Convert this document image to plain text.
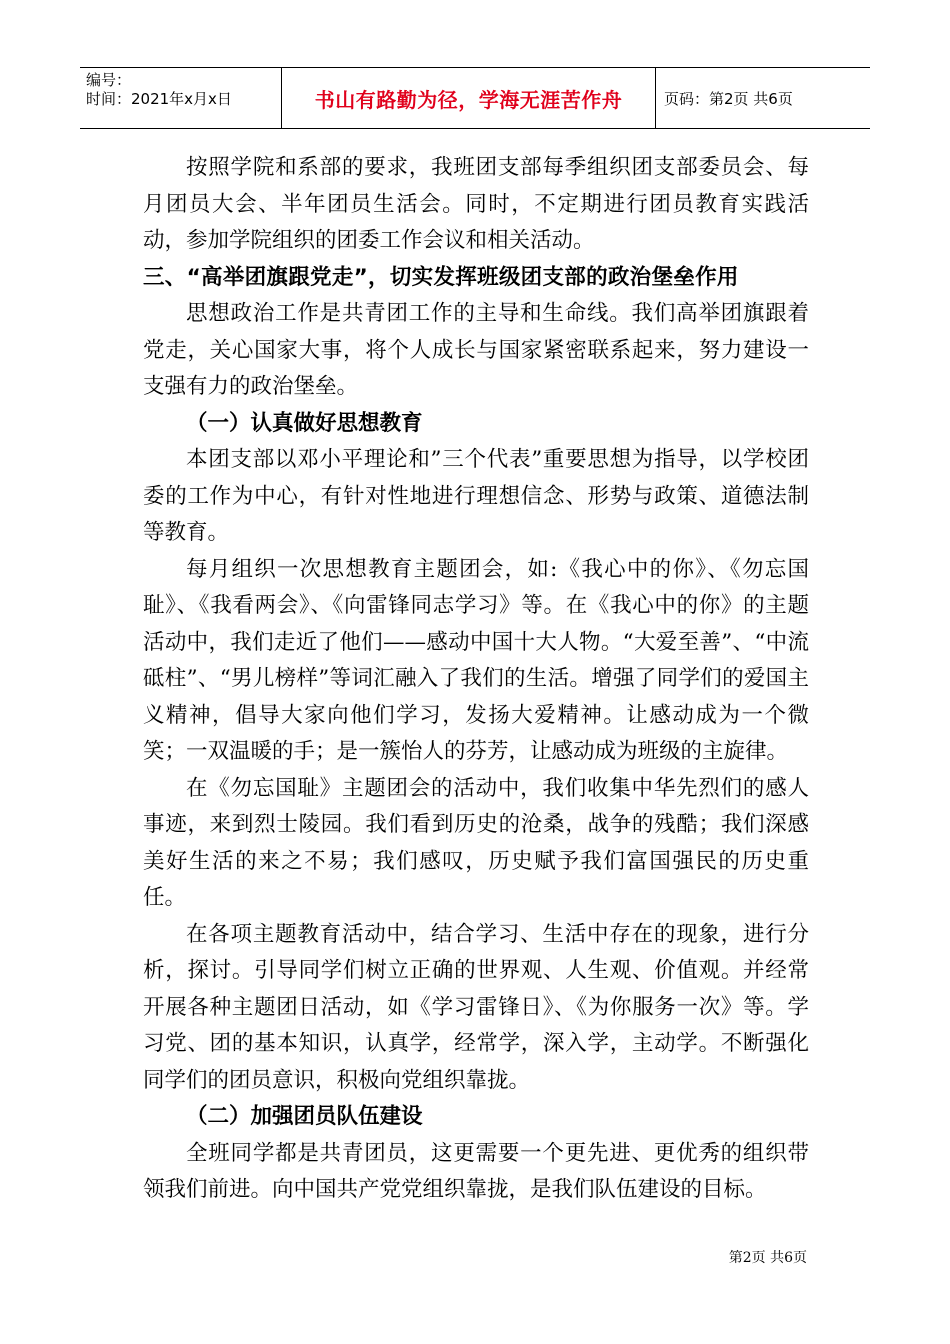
编号：
时间：2021年x月x日	书山有路勤为径，学海无涯苦作舟	页码：第2页 共6页

按照学院和系部的要求，我班团支部每季组织团支部委员会、每月团员大会、半年团员生活会。同时，不定期进行团员教育实践活动，参加学院组织的团委工作会议和相关活动。

三、“高举团旗跟党走”，切实发挥班级团支部的政治堡垒作用

思想政治工作是共青团工作的主导和生命线。我们高举团旗跟着党走，关心国家大事，将个人成长与国家紧密联系起来，努力建设一支强有力的政治堡垒。

（一）认真做好思想教育

本团支部以邓小平理论和”三个代表”重要思想为指导，以学校团委的工作为中心，有针对性地进行理想信念、形势与政策、道德法制等教育。

每月组织一次思想教育主题团会，如:《我心中的你》、《勿忘国耻》、《我看两会》、《向雷锋同志学习》等。在《我心中的你》的主题活动中，我们走近了他们——感动中国十大人物。“大爱至善”、“中流砥柱”、“男儿榜样”等词汇融入了我们的生活。增强了同学们的爱国主义精神，倡导大家向他们学习，发扬大爱精神。让感动成为一个微笑；一双温暖的手；是一簇怡人的芬芳，让感动成为班级的主旋律。

在《勿忘国耻》主题团会的活动中，我们收集中华先烈们的感人事迹，来到烈士陵园。我们看到历史的沧桑，战争的残酷；我们深感美好生活的来之不易；我们感叹，历史赋予我们富国强民的历史重任。

在各项主题教育活动中，结合学习、生活中存在的现象，进行分析，探讨。引导同学们树立正确的世界观、人生观、价值观。并经常开展各种主题团日活动，如《学习雷锋日》、《为你服务一次》等。学习党、团的基本知识，认真学，经常学，深入学，主动学。不断强化同学们的团员意识，积极向党组织靠拢。

（二）加强团员队伍建设

全班同学都是共青团员，这更需要一个更先进、更优秀的组织带领我们前进。向中国共产党党组织靠拢，是我们队伍建设的目标。

第2页 共6页
